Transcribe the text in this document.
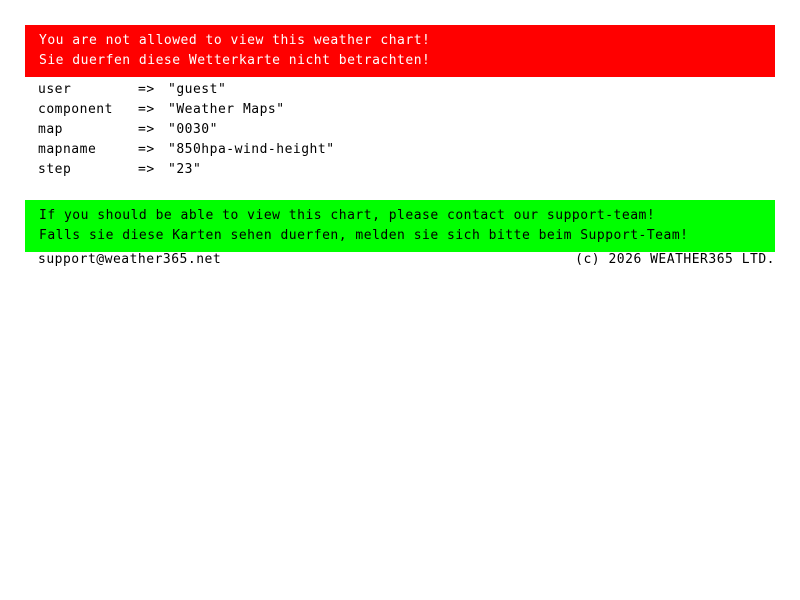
You are not allowed to view this weather chart!
Sie duerfen diese Wetterkarte nicht betrachten!
user	=>	"guest"
component	=>	"Weather Maps"
map	=>	"0030"
mapname	=>	"850hpa-wind-height"
step	=>	"23"
If you should be able to view this chart, please contact our support-team!
Falls sie diese Karten sehen duerfen, melden sie sich bitte beim Support-Team!
support@weather365.net	(c) 2026 WEATHER365 LTD.
